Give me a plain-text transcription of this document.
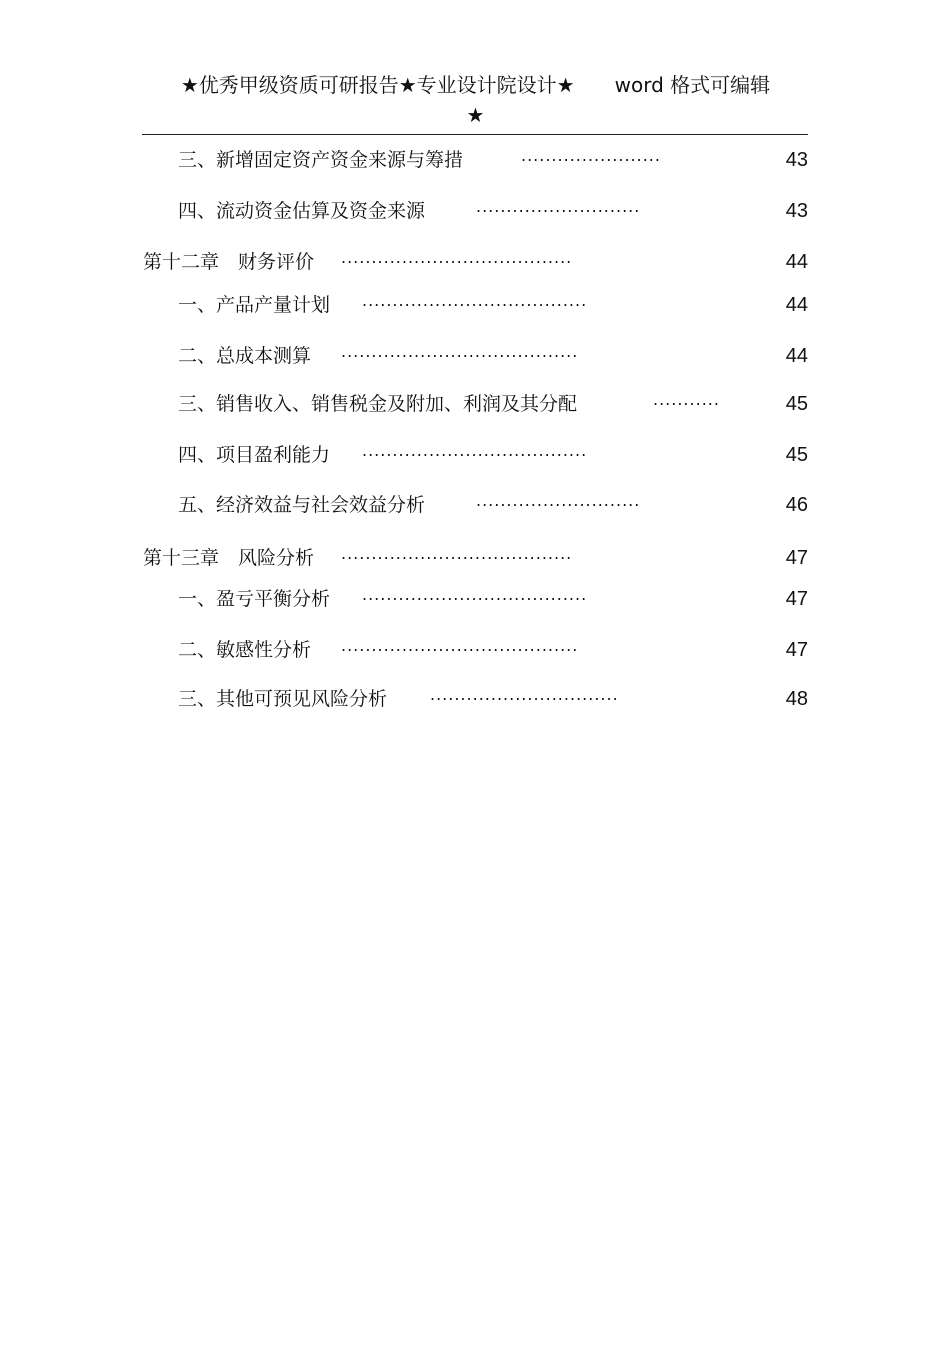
★优秀甲级资质可研报告★专业设计院设计★ word 格式可编辑
★
三、新增固定资产资金来源与筹措	.......................	43
四、流动资金估算及资金来源	...........................	43
第十二章　财务评价 ......................................	44
一、产品产量计划 .....................................	44
二、总成本测算 .......................................	44
三、销售收入、销售税金及附加、利润及其分配	...........	45
四、项目盈利能力 .....................................	45
五、经济效益与社会效益分析	...........................	46
第十三章　风险分析 ......................................	47
一、盈亏平衡分析 .....................................	47
二、敏感性分析 .......................................	47
三、其他可预见风险分析	...............................	48
